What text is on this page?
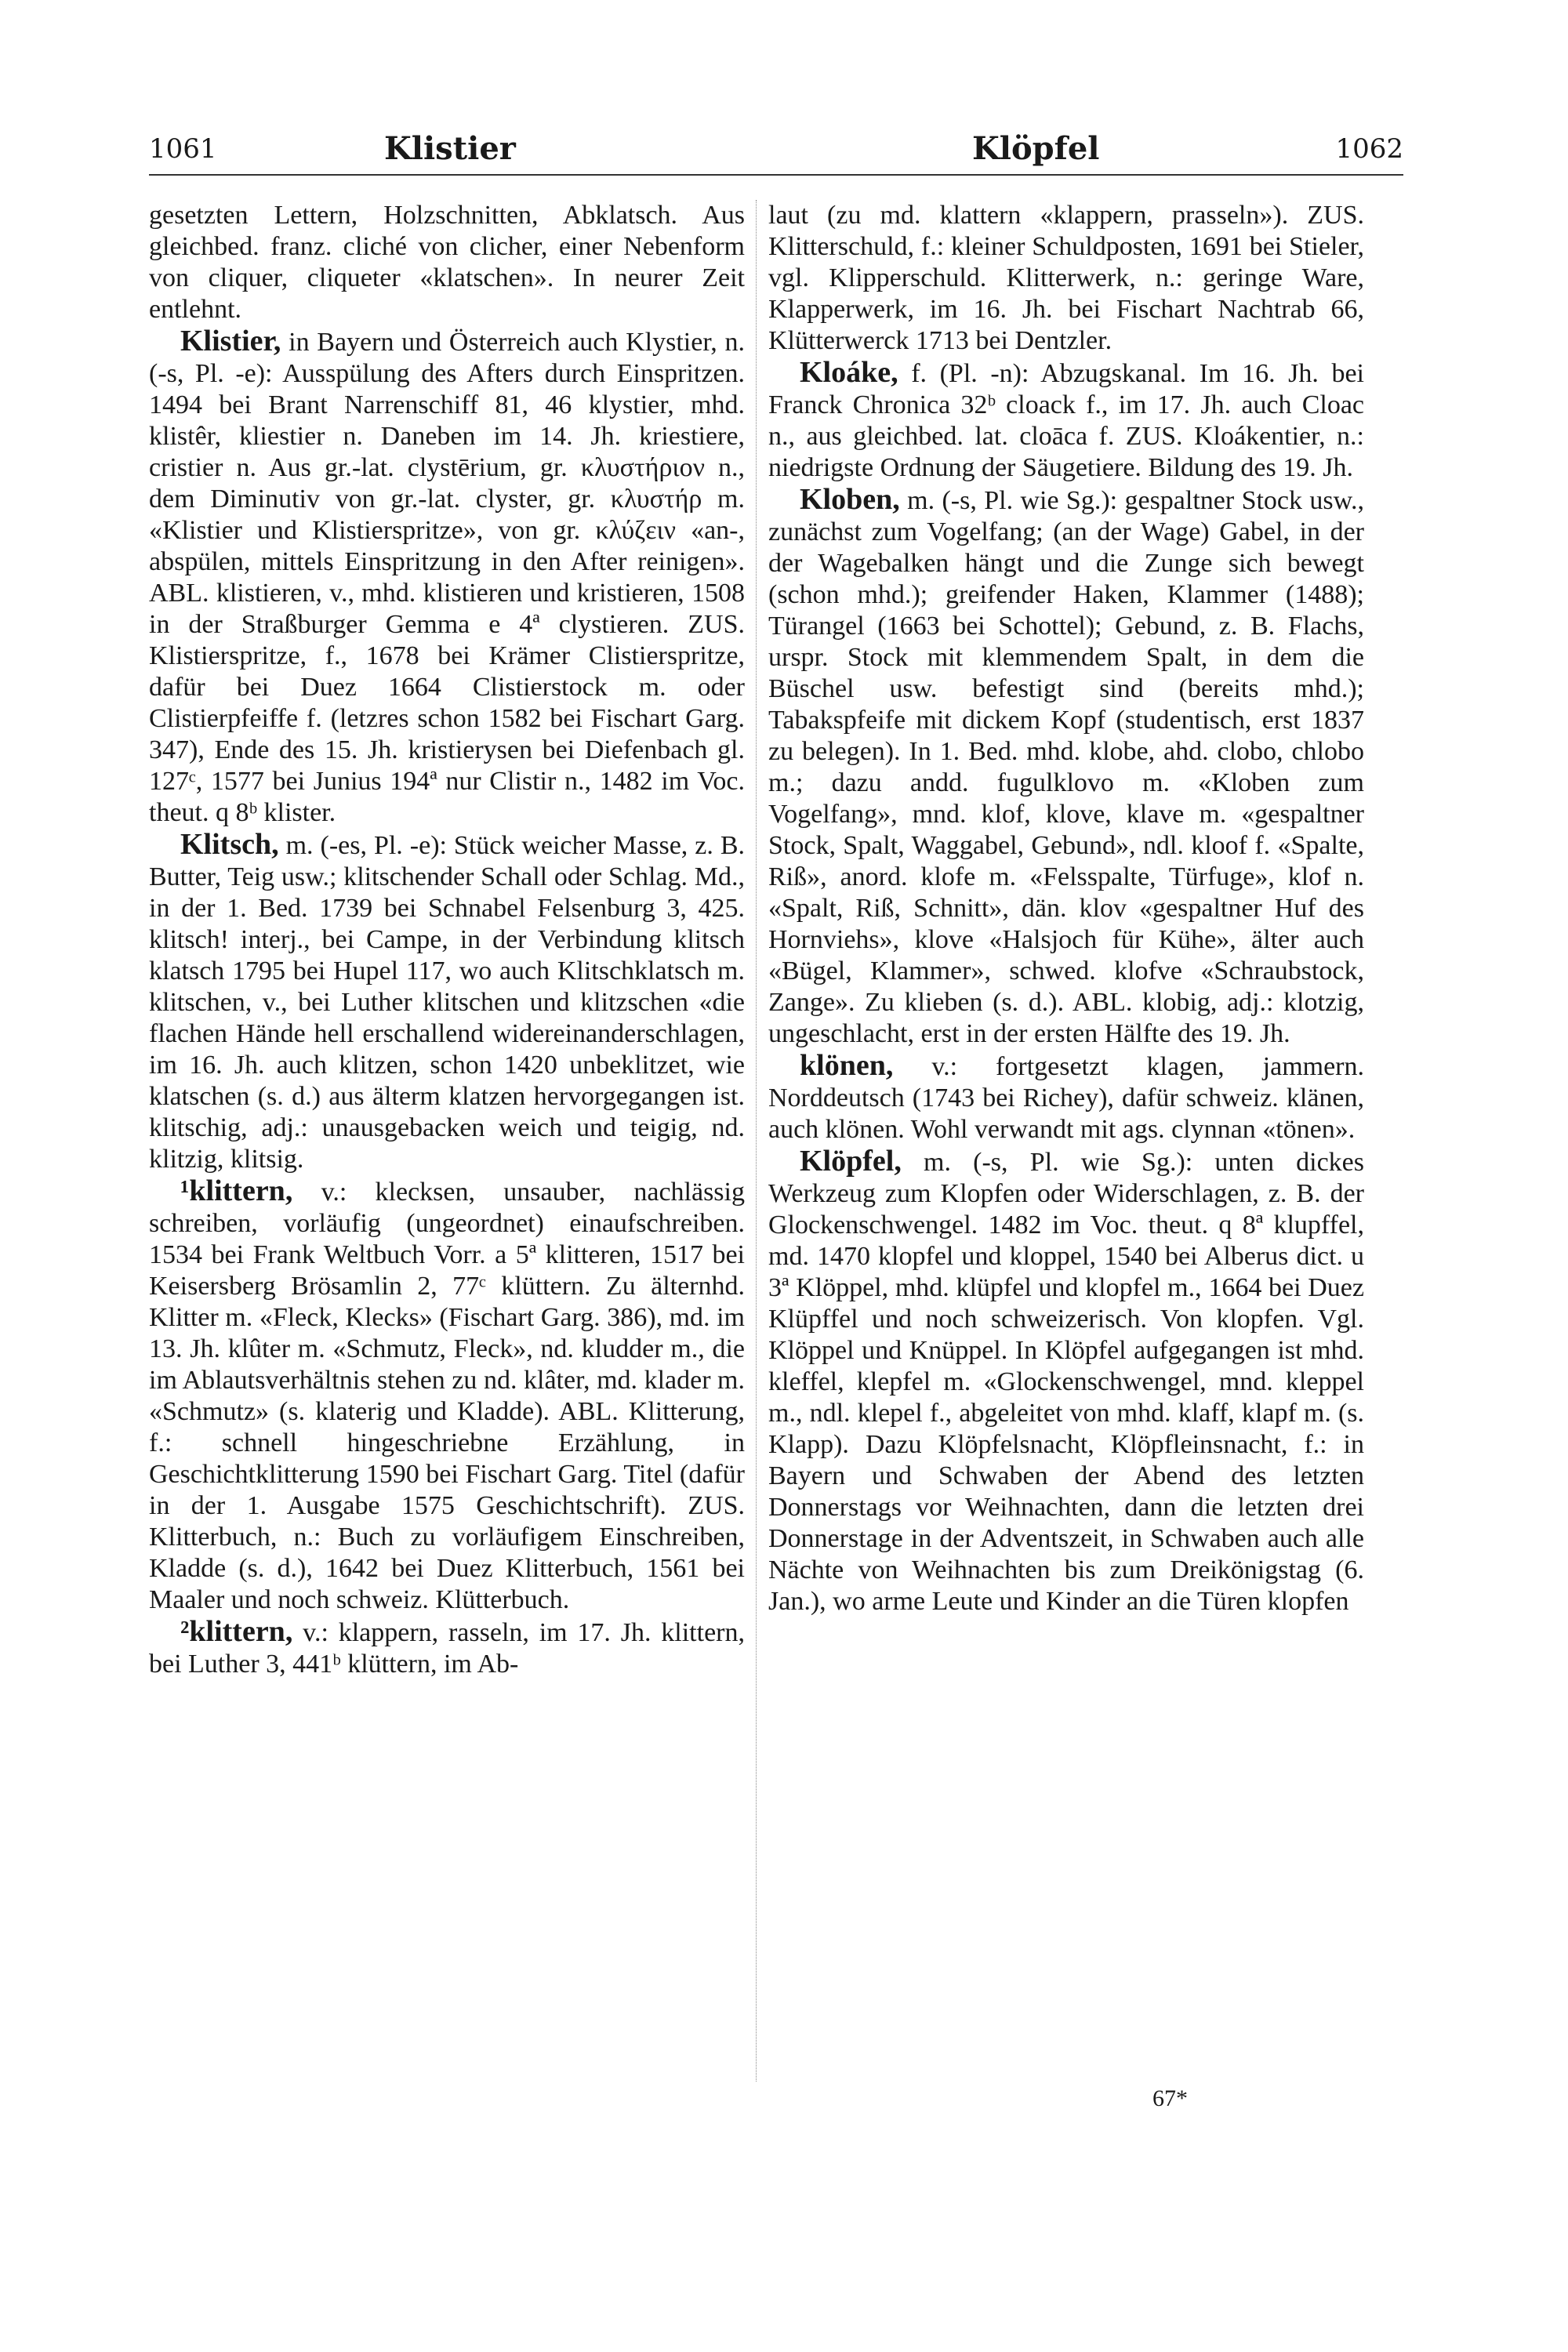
1061	Klistier	Klöpfel	1062

gesetzten Lettern, Holzschnitten, Abklatsch. Aus gleichbed. franz. cliché von clicher, einer Nebenform von cliquer, cliqueter «klatschen». In neurer Zeit entlehnt.

Klistier, in Bayern und Österreich auch Klystier, n. (-s, Pl. -e): Ausspülung des Afters durch Einspritzen. 1494 bei Brant Narrenschiff 81, 46 klystier, mhd. klistêr, kliestier n. Daneben im 14. Jh. kriestiere, cristier n. Aus gr.-lat. clystērium, gr. κλυστήριον n., dem Diminutiv von gr.-lat. clyster, gr. κλυστήρ m. «Klistier und Klistierspritze», von gr. κλύζειν «an-, abspülen, mittels Einspritzung in den After reinigen». ABL. klistieren, v., mhd. klistieren und kristieren, 1508 in der Straßburger Gemma e 4ª clystieren. ZUS. Klistierspritze, f., 1678 bei Krämer Clistierspritze, dafür bei Duez 1664 Clistierstock m. oder Clistierpfeiffe f. (letzres schon 1582 bei Fischart Garg. 347), Ende des 15. Jh. kristierysen bei Diefenbach gl. 127ᶜ, 1577 bei Junius 194ª nur Clistir n., 1482 im Voc. theut. q 8ᵇ klister.

Klitsch, m. (-es, Pl. -e): Stück weicher Masse, z. B. Butter, Teig usw.; klitschender Schall oder Schlag. Md., in der 1. Bed. 1739 bei Schnabel Felsenburg 3, 425. klitsch! interj., bei Campe, in der Verbindung klitsch klatsch 1795 bei Hupel 117, wo auch Klitschklatsch m. klitschen, v., bei Luther klitschen und klitzschen «die flachen Hände hell erschallend widereinanderschlagen, im 16. Jh. auch klitzen, schon 1420 unbeklitzet, wie klatschen (s. d.) aus älterm klatzen hervorgegangen ist. klitschig, adj.: unausgebacken weich und teigig, nd. klitzig, klitsig.

¹klittern, v.: klecksen, unsauber, nachlässig schreiben, vorläufig (ungeordnet) einaufschreiben. 1534 bei Frank Weltbuch Vorr. a 5ª klitteren, 1517 bei Keisersberg Brösamlin 2, 77ᶜ klüttern. Zu älternhd. Klitter m. «Fleck, Klecks» (Fischart Garg. 386), md. im 13. Jh. klûter m. «Schmutz, Fleck», nd. kludder m., die im Ablautsverhältnis stehen zu nd. klâter, md. klader m. «Schmutz» (s. klaterig und Kladde). ABL. Klitterung, f.: schnell hingeschriebne Erzählung, in Geschichtklitterung 1590 bei Fischart Garg. Titel (dafür in der 1. Ausgabe 1575 Geschichtschrift). ZUS. Klitterbuch, n.: Buch zu vorläufigem Einschreiben, Kladde (s. d.), 1642 bei Duez Klitterbuch, 1561 bei Maaler und noch schweiz. Klütterbuch.

²klittern, v.: klappern, rasseln, im 17. Jh. klittern, bei Luther 3, 441ᵇ klüttern, im Ab-

laut (zu md. klattern «klappern, prasseln»). ZUS. Klitterschuld, f.: kleiner Schuldposten, 1691 bei Stieler, vgl. Klipperschuld. Klitterwerk, n.: geringe Ware, Klapperwerk, im 16. Jh. bei Fischart Nachtrab 66, Klütterwerck 1713 bei Dentzler.

Kloáke, f. (Pl. -n): Abzugskanal. Im 16. Jh. bei Franck Chronica 32ᵇ cloack f., im 17. Jh. auch Cloac n., aus gleichbed. lat. cloāca f. ZUS. Kloákentier, n.: niedrigste Ordnung der Säugetiere. Bildung des 19. Jh.

Kloben, m. (-s, Pl. wie Sg.): gespaltner Stock usw., zunächst zum Vogelfang; (an der Wage) Gabel, in der der Wagebalken hängt und die Zunge sich bewegt (schon mhd.); greifender Haken, Klammer (1488); Türangel (1663 bei Schottel); Gebund, z. B. Flachs, urspr. Stock mit klemmendem Spalt, in dem die Büschel usw. befestigt sind (bereits mhd.); Tabakspfeife mit dickem Kopf (studentisch, erst 1837 zu belegen). In 1. Bed. mhd. klobe, ahd. clobo, chlobo m.; dazu andd. fugulklovo m. «Kloben zum Vogelfang», mnd. klof, klove, klave m. «gespaltner Stock, Spalt, Waggabel, Gebund», ndl. kloof f. «Spalte, Riß», anord. klofe m. «Felsspalte, Türfuge», klof n. «Spalt, Riß, Schnitt», dän. klov «gespaltner Huf des Hornviehs», klove «Halsjoch für Kühe», älter auch «Bügel, Klammer», schwed. klofve «Schraubstock, Zange». Zu klieben (s. d.). ABL. klobig, adj.: klotzig, ungeschlacht, erst in der ersten Hälfte des 19. Jh.

klönen, v.: fortgesetzt klagen, jammern. Norddeutsch (1743 bei Richey), dafür schweiz. klänen, auch klönen. Wohl verwandt mit ags. clynnan «tönen».

Klöpfel, m. (-s, Pl. wie Sg.): unten dickes Werkzeug zum Klopfen oder Widerschlagen, z. B. der Glockenschwengel. 1482 im Voc. theut. q 8ª klupffel, md. 1470 klopfel und kloppel, 1540 bei Alberus dict. u 3ª Klöppel, mhd. klüpfel und klopfel m., 1664 bei Duez Klüpffel und noch schweizerisch. Von klopfen. Vgl. Klöppel und Knüppel. In Klöpfel aufgegangen ist mhd. kleffel, klepfel m. «Glockenschwengel, mnd. kleppel m., ndl. klepel f., abgeleitet von mhd. klaff, klapf m. (s. Klapp). Dazu Klöpfelsnacht, Klöpfleinsnacht, f.: in Bayern und Schwaben der Abend des letzten Donnerstags vor Weihnachten, dann die letzten drei Donnerstage in der Adventszeit, in Schwaben auch alle Nächte von Weihnachten bis zum Dreikönigstag (6. Jan.), wo arme Leute und Kinder an die Türen klopfen

67*
